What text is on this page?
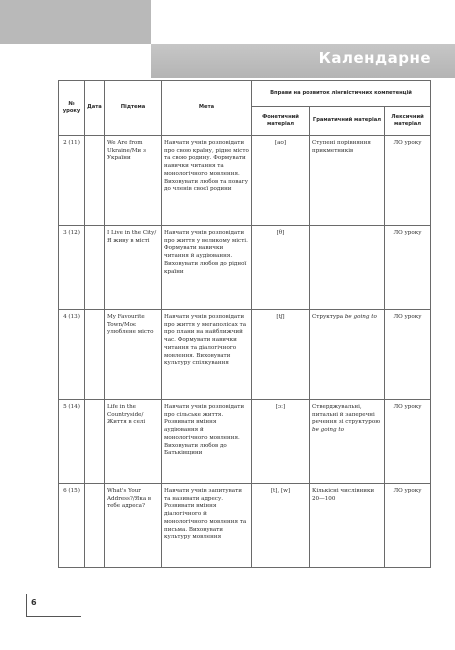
Календарне
№ уроку	Дата	Підтема	Мета	Вправи на розвиток лінгвістичних компетенцій		
				Фонетичний матеріал	Граматичний матеріал	Лексичний матеріал
2 (11)		We Are from Ukraine/Ми з України	Навчати учнів розповідати про свою країну, рідне місто та свою родину. Формувати навички читання та монологічного мовлення. Виховувати любов та повагу до членів своєї родини	[aʊ]	Ступені порівняння прикметників	ЛО уроку
3 (12)		I Live in the City/Я живу в місті	Навчати учнів розповідати про життя у великому місті. Формувати навички читання й аудіювання. Виховувати любов до рідної країни	[θ]		ЛО уроку
4 (13)		My Favourite Town/Моє улюблене місто	Навчати учнів розповідати про життя у мегаполісах та про плани на найближчий час. Формувати навички читання та діалогічного мовлення. Виховувати культуру спілкування	[tʃ]	Структура be going to	ЛО уроку
5 (14)		Life in the Countryside/ Життя в селі	Навчати учнів розповідати про сільське життя. Розвивати вміння аудіювання й монологічного мовлення. Виховувати любов до Батьківщини	[ɔ:]	Стверджувальні, питальні й заперечні речення зі структурою be going to	ЛО уроку
6 (15)		What's Your Address?/Яка в тебе адреса?	Навчати учнів запитувати та називати адресу. Розвивати вміння діалогічного й монологічного мовлення та письма. Виховувати культуру мовлення	[t], [w]	Кількісні числівники 20—100	ЛО уроку
6
